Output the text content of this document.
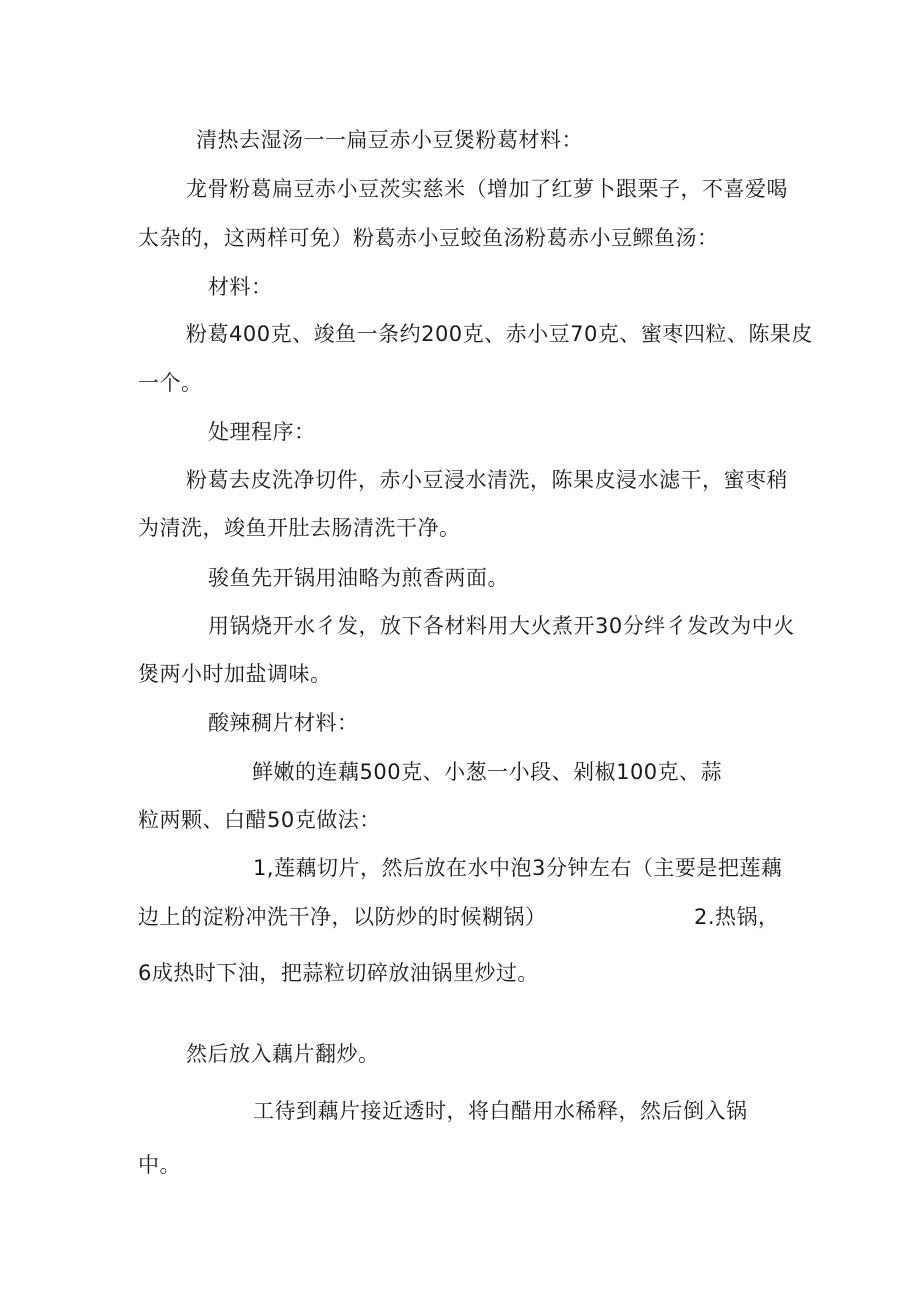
清热去湿汤一一扁豆赤小豆煲粉葛材料：
龙骨粉葛扁豆赤小豆茨实慈米（增加了红萝卜跟栗子，不喜爱喝
太杂的，这两样可免）粉葛赤小豆蛟鱼汤粉葛赤小豆鳏鱼汤：
材料：
粉葛400克、竣鱼一条约200克、赤小豆70克、蜜枣四粒、陈果皮
一个。
处理程序：
粉葛去皮洗净切件，赤小豆浸水清洗，陈果皮浸水滤干，蜜枣稍
为清洗，竣鱼开肚去肠清洗干净。
骏鱼先开锅用油略为煎香两面。
用锅烧开水彳发，放下各材料用大火煮开30分绊彳发改为中火
煲两小时加盐调味。
酸辣稠片材料：
鲜嫩的连藕500克、小葱一小段、剁椒100克、蒜
粒两颗、白醋50克做法：
1,莲藕切片，然后放在水中泡3分钟左右（主要是把莲藕
边上的淀粉冲洗干净，以防炒的时候糊锅）	2.热锅，
6成热时下油，把蒜粒切碎放油锅里炒过。
然后放入藕片翻炒。
工待到藕片接近透时，将白醋用水稀释，然后倒入锅
中。
